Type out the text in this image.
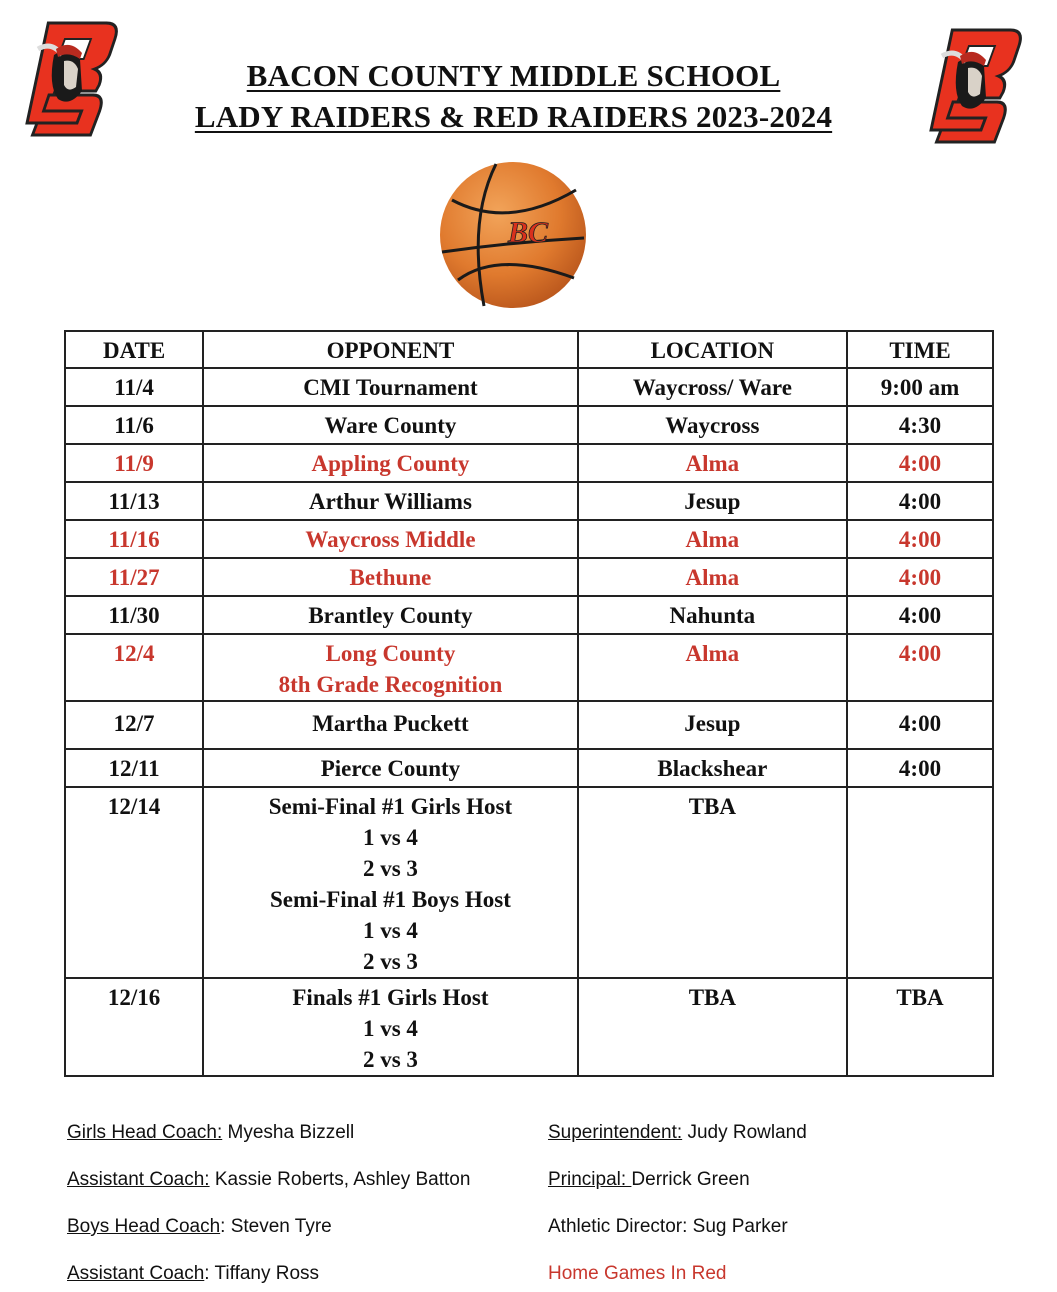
BACON COUNTY MIDDLE SCHOOL
LADY RAIDERS & RED RAIDERS 2023-2024
BC
DATE	OPPONENT	LOCATION	TIME
11/4	CMI Tournament	Waycross/ Ware	9:00 am
11/6	Ware County	Waycross	4:30
11/9	Appling County	Alma	4:00
11/13	Arthur Williams	Jesup	4:00
11/16	Waycross Middle	Alma	4:00
11/27	Bethune	Alma	4:00
11/30	Brantley County	Nahunta	4:00
12/4	Long County
8th Grade Recognition	Alma	4:00
12/7	Martha Puckett	Jesup	4:00
12/11	Pierce County	Blackshear	4:00
12/14	Semi-Final #1 Girls Host
1 vs 4
2 vs 3
Semi-Final #1 Boys Host
1 vs 4
2 vs 3
	TBA	
12/16	Finals #1 Girls Host
1 vs 4
2 vs 3	TBA	TBA
Girls Head Coach: Myesha Bizzell
Assistant Coach: Kassie Roberts, Ashley Batton
Boys Head Coach: Steven Tyre
Assistant Coach: Tiffany Ross
Superintendent: Judy Rowland
Principal: Derrick Green
Athletic Director: Sug Parker
Home Games In Red
